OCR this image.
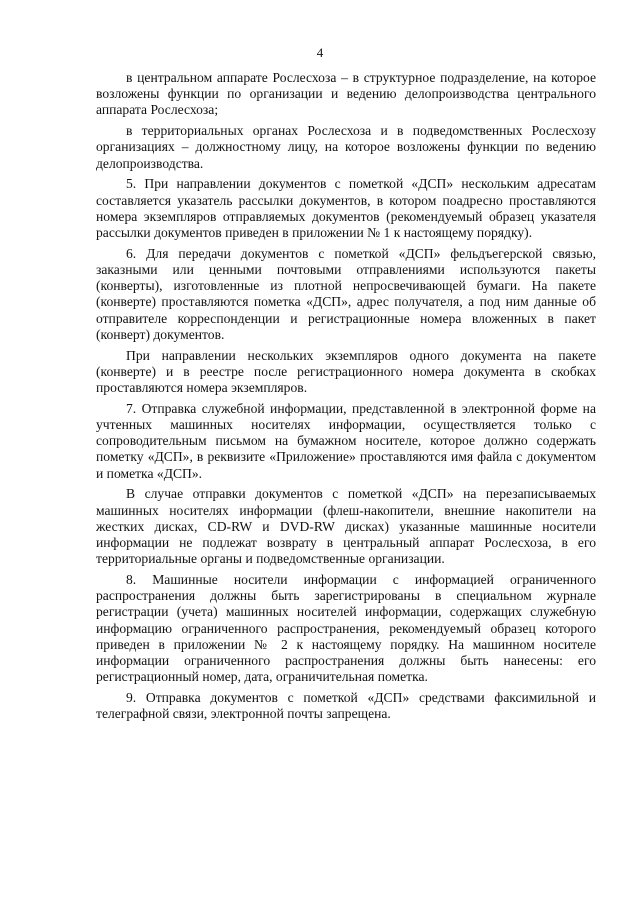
4

в центральном аппарате Рослесхоза – в структурное подразделение, на которое возложены функции по организации и ведению делопроизводства центрального аппарата Рослесхоза;

в территориальных органах Рослесхоза и в подведомственных Рослесхозу организациях – должностному лицу, на которое возложены функции по ведению делопроизводства.

5. При направлении документов с пометкой «ДСП» нескольким адресатам составляется указатель рассылки документов, в котором поадресно проставляются номера экземпляров отправляемых документов (рекомендуемый образец указателя рассылки документов приведен в приложении № 1 к настоящему порядку).

6. Для передачи документов с пометкой «ДСП» фельдъегерской связью, заказными или ценными почтовыми отправлениями используются пакеты (конверты), изготовленные из плотной непросвечивающей бумаги. На пакете (конверте) проставляются пометка «ДСП», адрес получателя, а под ним данные об отправителе корреспонденции и регистрационные номера вложенных в пакет (конверт) документов.

При направлении нескольких экземпляров одного документа на пакете (конверте) и в реестре после регистрационного номера документа в скобках проставляются номера экземпляров.

7. Отправка служебной информации, представленной в электронной форме на учтенных машинных носителях информации, осуществляется только с сопроводительным письмом на бумажном носителе, которое должно содержать пометку «ДСП», в реквизите «Приложение» проставляются имя файла с документом и пометка «ДСП».

В случае отправки документов с пометкой «ДСП» на перезаписываемых машинных носителях информации (флеш-накопители, внешние накопители на жестких дисках, CD-RW и DVD-RW дисках) указанные машинные носители информации не подлежат возврату в центральный аппарат Рослесхоза, в его территориальные органы и подведомственные организации.

8. Машинные носители информации с информацией ограниченного распространения должны быть зарегистрированы в специальном журнале регистрации (учета) машинных носителей информации, содержащих служебную информацию ограниченного распространения, рекомендуемый образец которого приведен в приложении № 2 к настоящему порядку. На машинном носителе информации ограниченного распространения должны быть нанесены: его регистрационный номер, дата, ограничительная пометка.

9. Отправка документов с пометкой «ДСП» средствами факсимильной и телеграфной связи, электронной почты запрещена.
